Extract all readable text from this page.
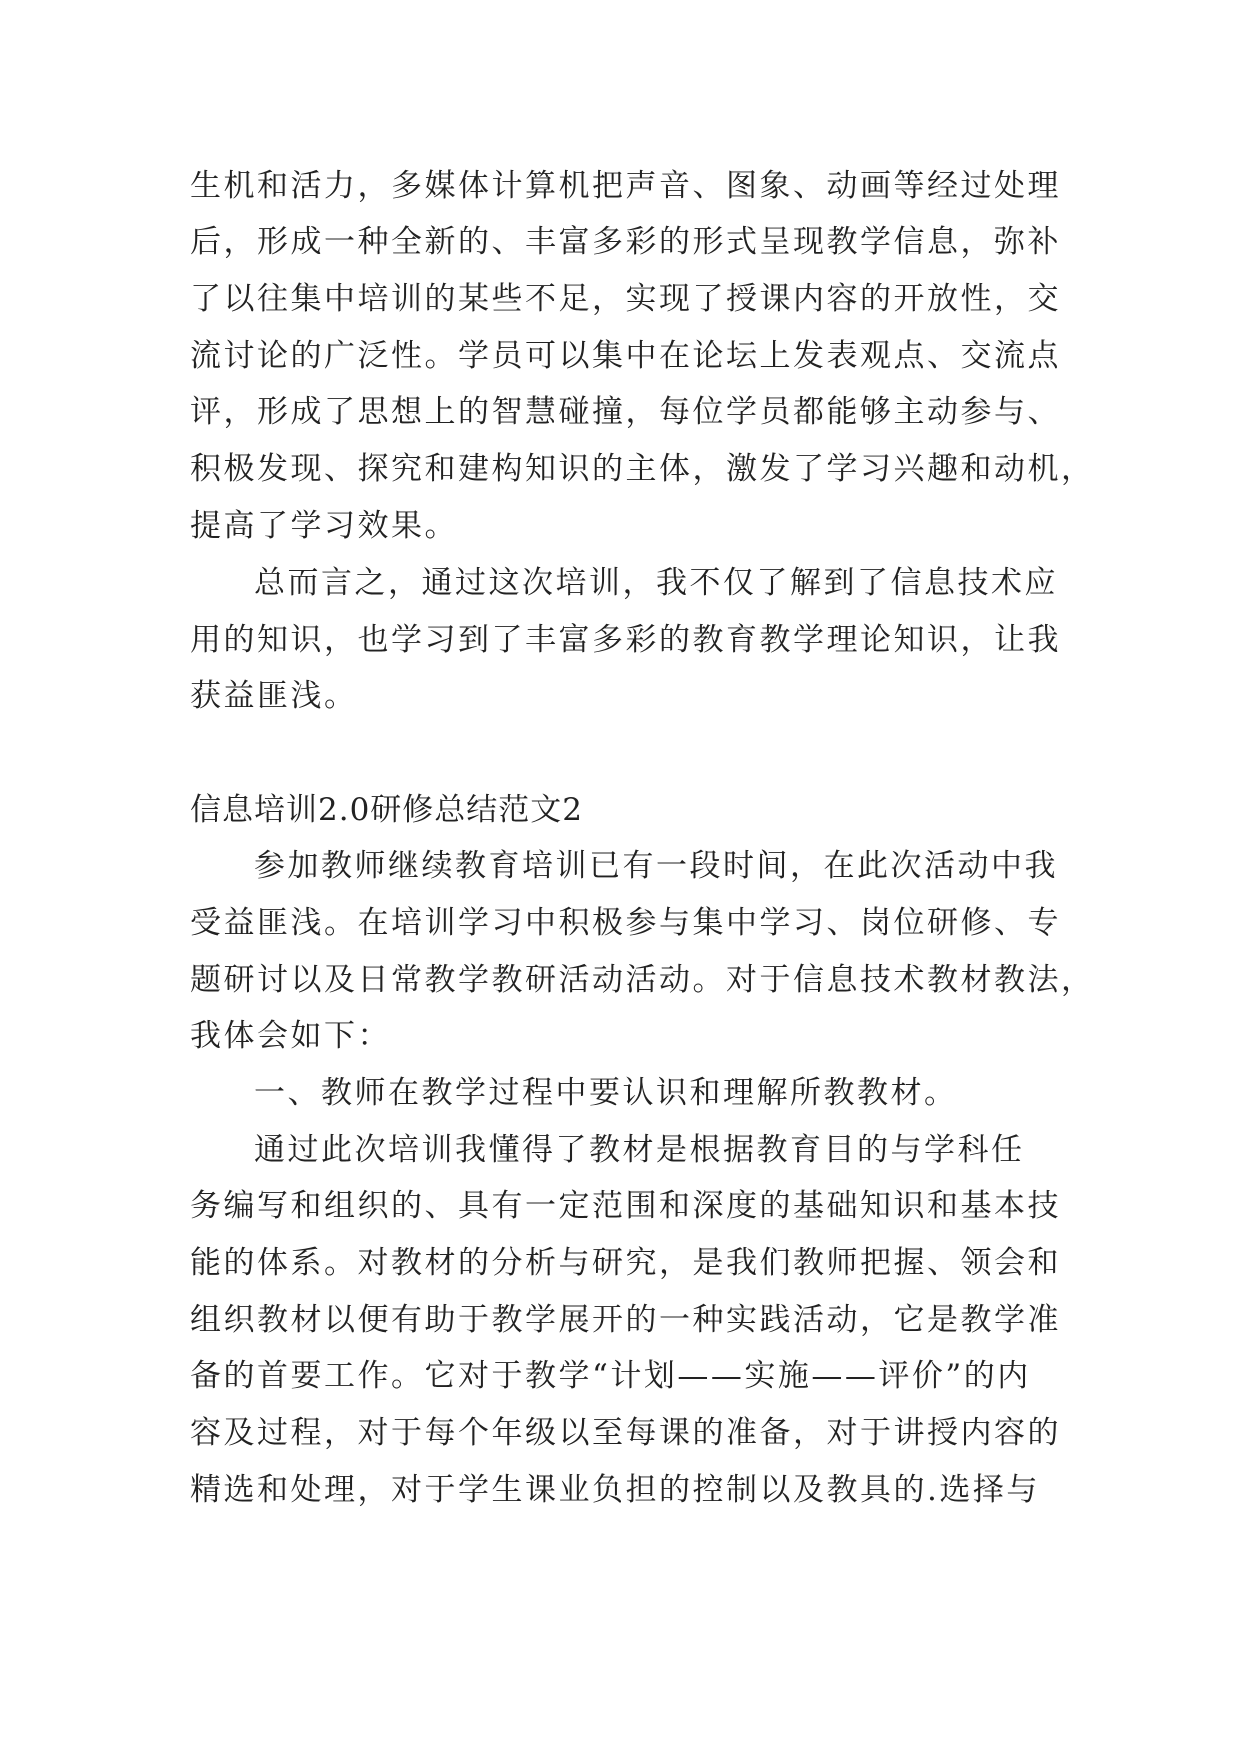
生机和活力，多媒体计算机把声音、图象、动画等经过处理
后，形成一种全新的、丰富多彩的形式呈现教学信息，弥补
了以往集中培训的某些不足，实现了授课内容的开放性，交
流讨论的广泛性。学员可以集中在论坛上发表观点、交流点
评，形成了思想上的智慧碰撞，每位学员都能够主动参与、
积极发现、探究和建构知识的主体，激发了学习兴趣和动机，
提高了学习效果。
总而言之，通过这次培训，我不仅了解到了信息技术应
用的知识，也学习到了丰富多彩的教育教学理论知识，让我
获益匪浅。
信息培训2.0研修总结范文2
参加教师继续教育培训已有一段时间，在此次活动中我
受益匪浅。在培训学习中积极参与集中学习、岗位研修、专
题研讨以及日常教学教研活动活动。对于信息技术教材教法，
我体会如下：
一、教师在教学过程中要认识和理解所教教材。
通过此次培训我懂得了教材是根据教育目的与学科任
务编写和组织的、具有一定范围和深度的基础知识和基本技
能的体系。对教材的分析与研究，是我们教师把握、领会和
组织教材以便有助于教学展开的一种实践活动，它是教学准
备的首要工作。它对于教学“计划——实施——评价”的内
容及过程，对于每个年级以至每课的准备，对于讲授内容的
精选和处理，对于学生课业负担的控制以及教具的.选择与
